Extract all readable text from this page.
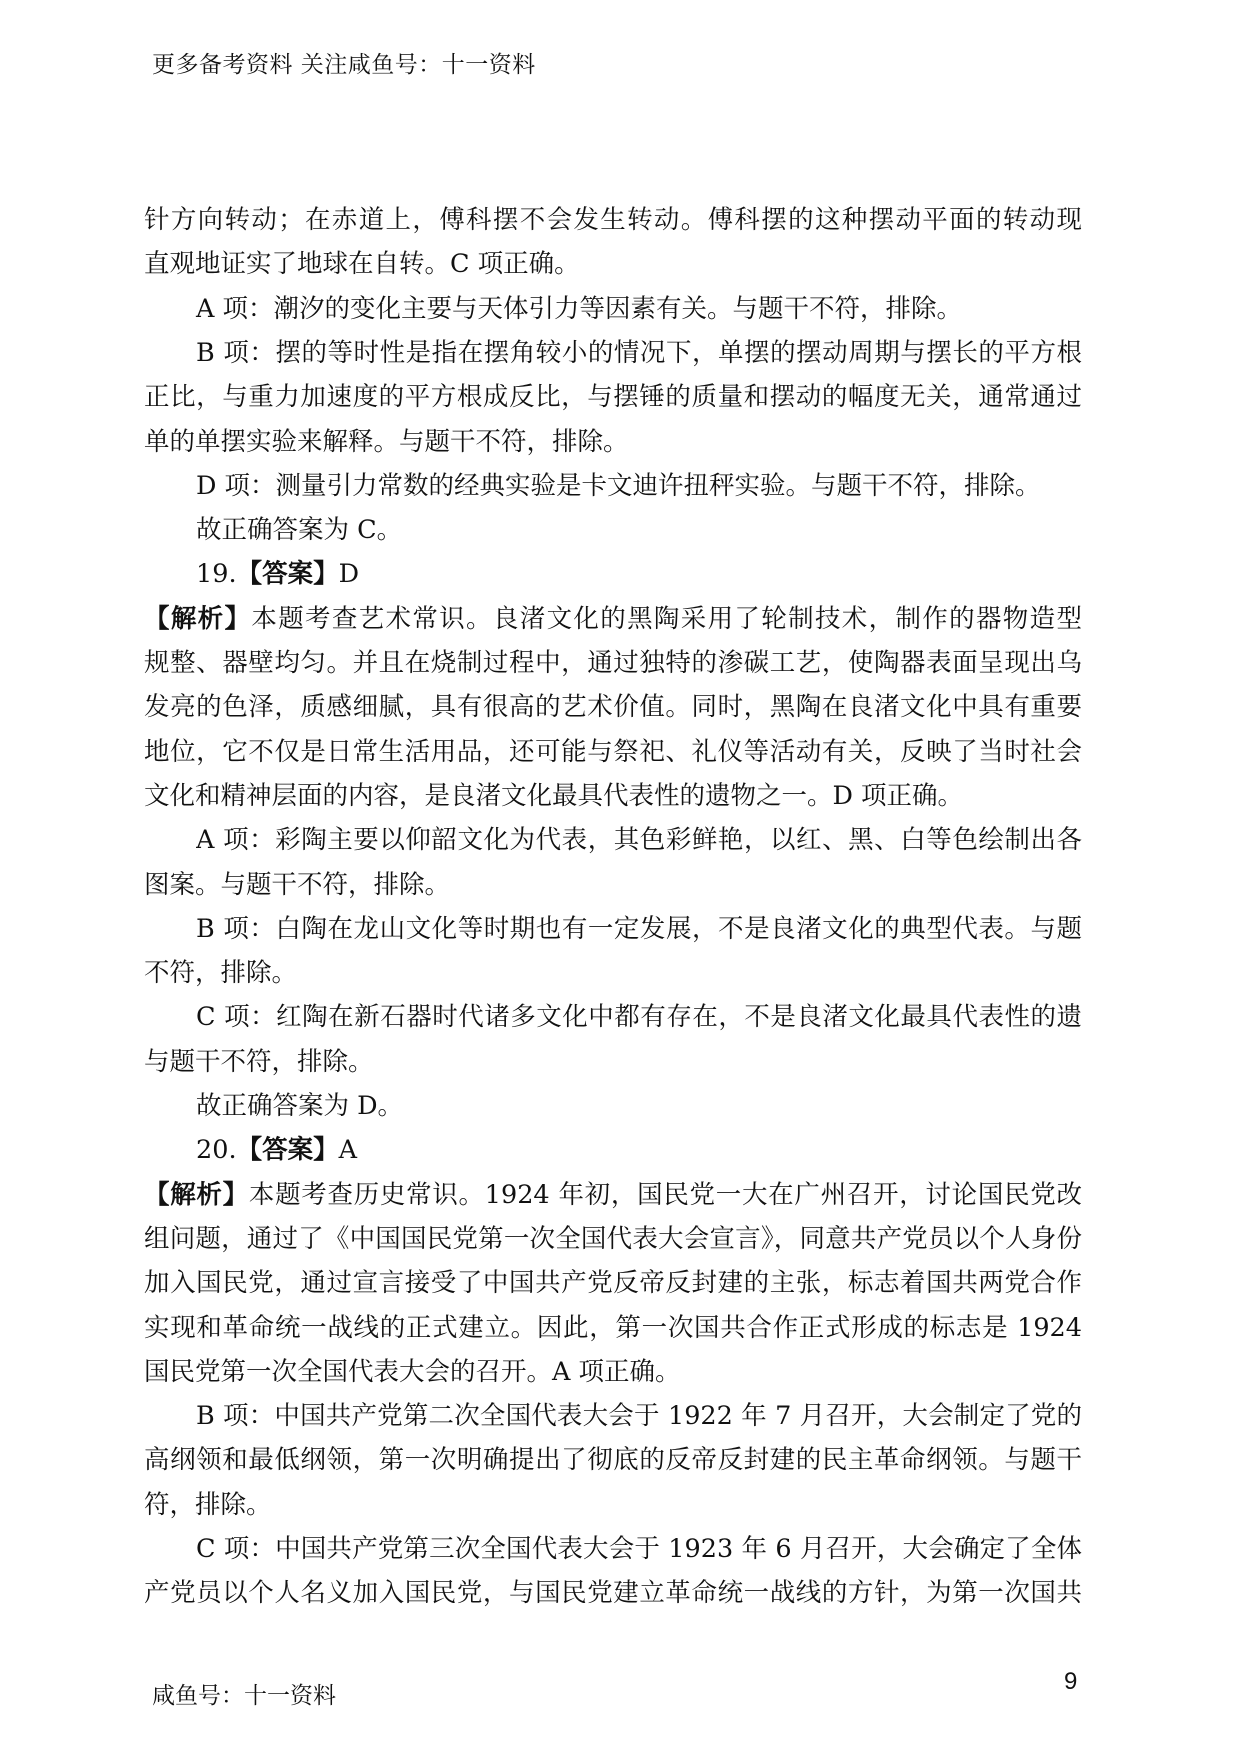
更多备考资料 关注咸鱼号：十一资料
针方向转动；在赤道上，傅科摆不会发生转动。傅科摆的这种摆动平面的转动现
直观地证实了地球在自转。C 项正确。
A 项：潮汐的变化主要与天体引力等因素有关。与题干不符，排除。
B 项：摆的等时性是指在摆角较小的情况下，单摆的摆动周期与摆长的平方根
正比，与重力加速度的平方根成反比，与摆锤的质量和摆动的幅度无关，通常通过
单的单摆实验来解释。与题干不符，排除。
D 项：测量引力常数的经典实验是卡文迪许扭秤实验。与题干不符，排除。
故正确答案为 C。
19.【答案】D
【解析】本题考查艺术常识。良渚文化的黑陶采用了轮制技术，制作的器物造型
规整、器壁均匀。并且在烧制过程中，通过独特的渗碳工艺，使陶器表面呈现出乌
发亮的色泽，质感细腻，具有很高的艺术价值。同时，黑陶在良渚文化中具有重要
地位，它不仅是日常生活用品，还可能与祭祀、礼仪等活动有关，反映了当时社会
文化和精神层面的内容，是良渚文化最具代表性的遗物之一。D 项正确。
A 项：彩陶主要以仰韶文化为代表，其色彩鲜艳，以红、黑、白等色绘制出各
图案。与题干不符，排除。
B 项：白陶在龙山文化等时期也有一定发展，不是良渚文化的典型代表。与题
不符，排除。
C 项：红陶在新石器时代诸多文化中都有存在，不是良渚文化最具代表性的遗
与题干不符，排除。
故正确答案为 D。
20.【答案】A
【解析】本题考查历史常识。1924 年初，国民党一大在广州召开，讨论国民党改
组问题，通过了《中国国民党第一次全国代表大会宣言》，同意共产党员以个人身份
加入国民党，通过宣言接受了中国共产党反帝反封建的主张，标志着国共两党合作
实现和革命统一战线的正式建立。因此，第一次国共合作正式形成的标志是 1924
国民党第一次全国代表大会的召开。A 项正确。
B 项：中国共产党第二次全国代表大会于 1922 年 7 月召开，大会制定了党的
高纲领和最低纲领，第一次明确提出了彻底的反帝反封建的民主革命纲领。与题干
符，排除。
C 项：中国共产党第三次全国代表大会于 1923 年 6 月召开，大会确定了全体
产党员以个人名义加入国民党，与国民党建立革命统一战线的方针，为第一次国共
咸鱼号：十一资料
9
